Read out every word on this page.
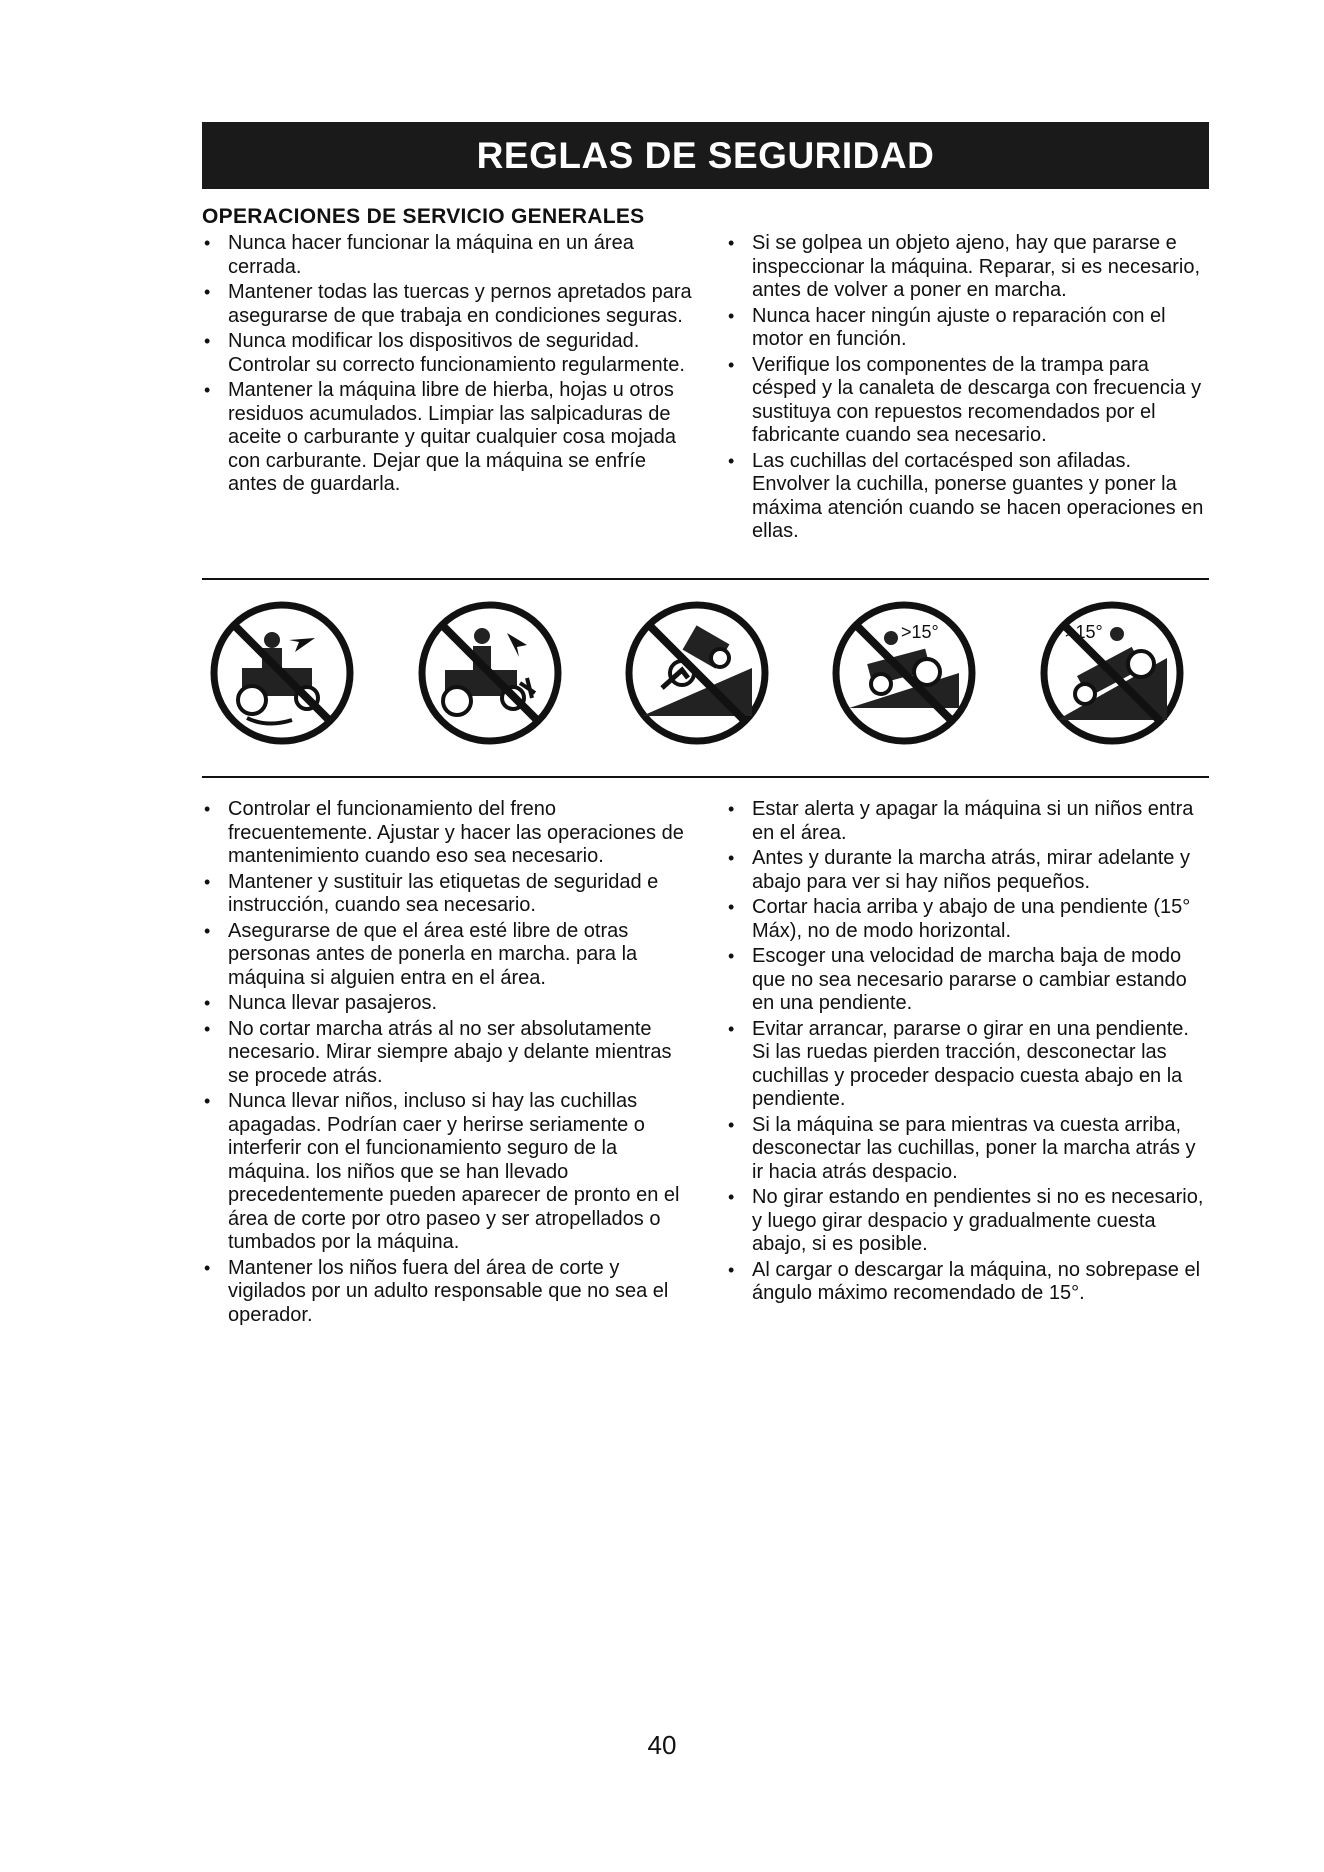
REGLAS DE SEGURIDAD
OPERACIONES DE SERVICIO GENERALES
• Nunca hacer funcionar la máquina en un área cerrada.
• Mantener todas las tuercas y pernos apretados para asegurarse de que trabaja en condiciones seguras.
• Nunca modificar los dispositivos de seguridad. Controlar su correcto funcionamiento regularmente.
• Mantener la máquina libre de hierba, hojas u otros residuos acumulados. Limpiar las salpicaduras de aceite o carburante y quitar cualquier cosa mojada con carburante. Dejar que la máquina se enfríe antes de guardarla.
• Si se golpea un objeto ajeno, hay que pararse e inspeccionar la máquina. Reparar, si es necesario, antes de volver a poner en marcha.
• Nunca hacer ningún ajuste o reparación con el motor en función.
• Verifique los componentes de la trampa para césped y la canaleta de descarga con frecuencia y sustituya con repuestos recomendados por el fabricante cuando sea necesario.
• Las cuchillas del cortacésped son afiladas. Envolver la cuchilla, ponerse guantes y poner la máxima atención cuando se hacen operaciones en ellas.
>15°	>15°
• Controlar el funcionamiento del freno frecuentemente. Ajustar y hacer las operaciones de mantenimiento cuando eso sea necesario.
• Mantener y sustituir las etiquetas de seguridad e instrucción, cuando sea necesario.
• Asegurarse de que el área esté libre de otras personas antes de ponerla en marcha. para la máquina si alguien entra en el área.
• Nunca llevar pasajeros.
• No cortar marcha atrás al no ser absolutamente necesario. Mirar siempre abajo y delante mientras se procede atrás.
• Nunca llevar niños, incluso si hay las cuchillas apagadas. Podrían caer y herirse seriamente o interferir con el funcionamiento seguro de la máquina. los niños que se han llevado precedentemente pueden aparecer de pronto en el área de corte por otro paseo y ser atropellados o tumbados por la máquina.
• Mantener los niños fuera del área de corte y vigilados por un adulto responsable que no sea el operador.
• Estar alerta y apagar la máquina si un niños entra en el área.
• Antes y durante la marcha atrás, mirar adelante y abajo para ver si hay niños pequeños.
• Cortar hacia arriba y abajo de una pendiente (15° Máx), no de modo horizontal.
• Escoger una velocidad de marcha baja de modo que no sea necesario pararse o cambiar estando en una pendiente.
• Evitar arrancar, pararse o girar en una pendiente. Si las ruedas pierden tracción, desconectar las cuchillas y proceder despacio cuesta abajo en la pendiente.
• Si la máquina se para mientras va cuesta arriba, desconectar las cuchillas, poner la marcha atrás y ir hacia atrás despacio.
• No girar estando en pendientes si no es necesario, y luego girar despacio y gradualmente cuesta abajo, si es posible.
• Al cargar o descargar la máquina, no sobrepase el ángulo máximo recomendado de 15°.
40
